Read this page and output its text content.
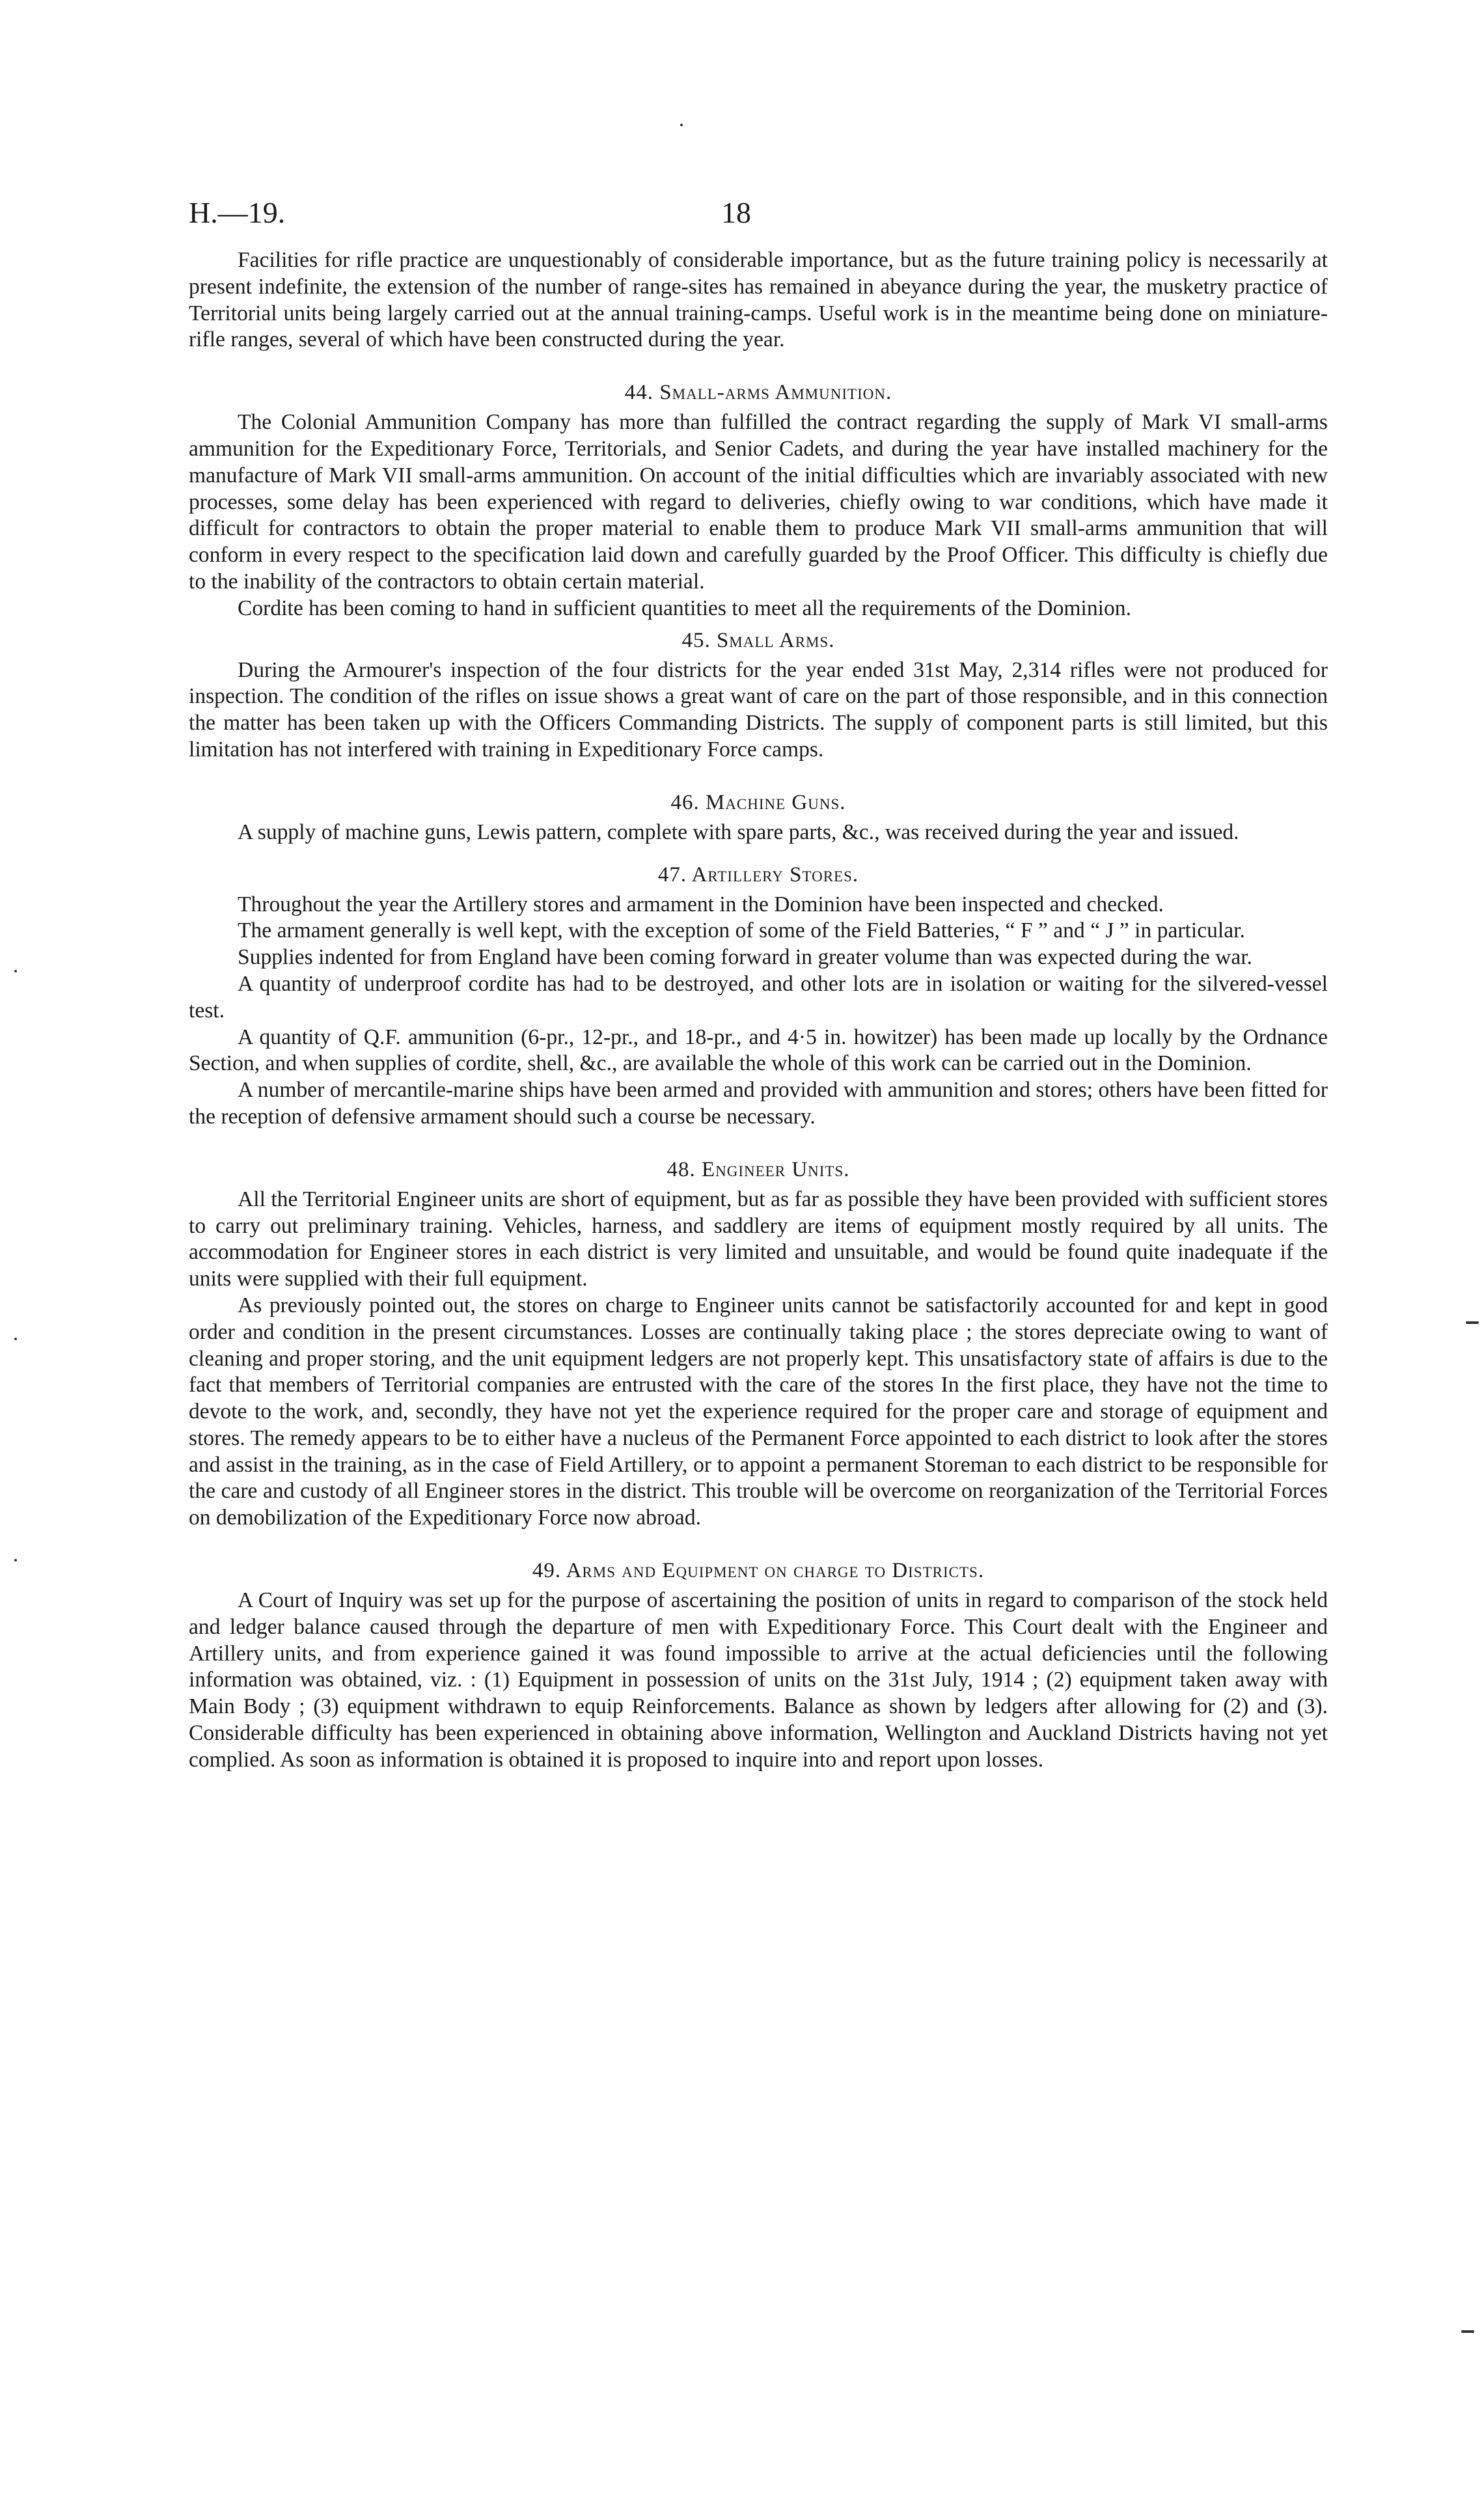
H.—19.	18

Facilities for rifle practice are unquestionably of considerable importance, but as the future training policy is necessarily at present indefinite, the extension of the number of range-sites has remained in abeyance during the year, the musketry practice of Territorial units being largely carried out at the annual training-camps. Useful work is in the meantime being done on miniature-rifle ranges, several of which have been constructed during the year.

44. Small-arms Ammunition.

The Colonial Ammunition Company has more than fulfilled the contract regarding the supply of Mark VI small-arms ammunition for the Expeditionary Force, Territorials, and Senior Cadets, and during the year have installed machinery for the manufacture of Mark VII small-arms ammunition. On account of the initial difficulties which are invariably associated with new processes, some delay has been experienced with regard to deliveries, chiefly owing to war conditions, which have made it difficult for contractors to obtain the proper material to enable them to produce Mark VII small-arms ammunition that will conform in every respect to the specification laid down and carefully guarded by the Proof Officer. This difficulty is chiefly due to the inability of the contractors to obtain certain material.

Cordite has been coming to hand in sufficient quantities to meet all the requirements of the Dominion.

45. Small Arms.

During the Armourer's inspection of the four districts for the year ended 31st May, 2,314 rifles were not produced for inspection. The condition of the rifles on issue shows a great want of care on the part of those responsible, and in this connection the matter has been taken up with the Officers Commanding Districts. The supply of component parts is still limited, but this limitation has not interfered with training in Expeditionary Force camps.

46. Machine Guns.

A supply of machine guns, Lewis pattern, complete with spare parts, &c., was received during the year and issued.

47. Artillery Stores.

Throughout the year the Artillery stores and armament in the Dominion have been inspected and checked.

The armament generally is well kept, with the exception of some of the Field Batteries, “ F ” and “ J ” in particular.

Supplies indented for from England have been coming forward in greater volume than was expected during the war.

A quantity of underproof cordite has had to be destroyed, and other lots are in isolation or waiting for the silvered-vessel test.

A quantity of Q.F. ammunition (6-pr., 12-pr., and 18-pr., and 4·5 in. howitzer) has been made up locally by the Ordnance Section, and when supplies of cordite, shell, &c., are available the whole of this work can be carried out in the Dominion.

A number of mercantile-marine ships have been armed and provided with ammunition and stores; others have been fitted for the reception of defensive armament should such a course be necessary.

48. Engineer Units.

All the Territorial Engineer units are short of equipment, but as far as possible they have been provided with sufficient stores to carry out preliminary training. Vehicles, harness, and saddlery are items of equipment mostly required by all units. The accommodation for Engineer stores in each district is very limited and unsuitable, and would be found quite inadequate if the units were supplied with their full equipment.

As previously pointed out, the stores on charge to Engineer units cannot be satisfactorily accounted for and kept in good order and condition in the present circumstances. Losses are continually taking place ; the stores depreciate owing to want of cleaning and proper storing, and the unit equipment ledgers are not properly kept. This unsatisfactory state of affairs is due to the fact that members of Territorial companies are entrusted with the care of the stores In the first place, they have not the time to devote to the work, and, secondly, they have not yet the experience required for the proper care and storage of equipment and stores. The remedy appears to be to either have a nucleus of the Permanent Force appointed to each district to look after the stores and assist in the training, as in the case of Field Artillery, or to appoint a permanent Storeman to each district to be responsible for the care and custody of all Engineer stores in the district. This trouble will be overcome on reorganization of the Territorial Forces on demobilization of the Expeditionary Force now abroad.

49. Arms and Equipment on charge to Districts.

A Court of Inquiry was set up for the purpose of ascertaining the position of units in regard to comparison of the stock held and ledger balance caused through the departure of men with Expeditionary Force. This Court dealt with the Engineer and Artillery units, and from experience gained it was found impossible to arrive at the actual deficiencies until the following information was obtained, viz. : (1) Equipment in possession of units on the 31st July, 1914 ; (2) equipment taken away with Main Body ; (3) equipment withdrawn to equip Reinforcements. Balance as shown by ledgers after allowing for (2) and (3). Considerable difficulty has been experienced in obtaining above information, Wellington and Auckland Districts having not yet complied. As soon as information is obtained it is proposed to inquire into and report upon losses.
